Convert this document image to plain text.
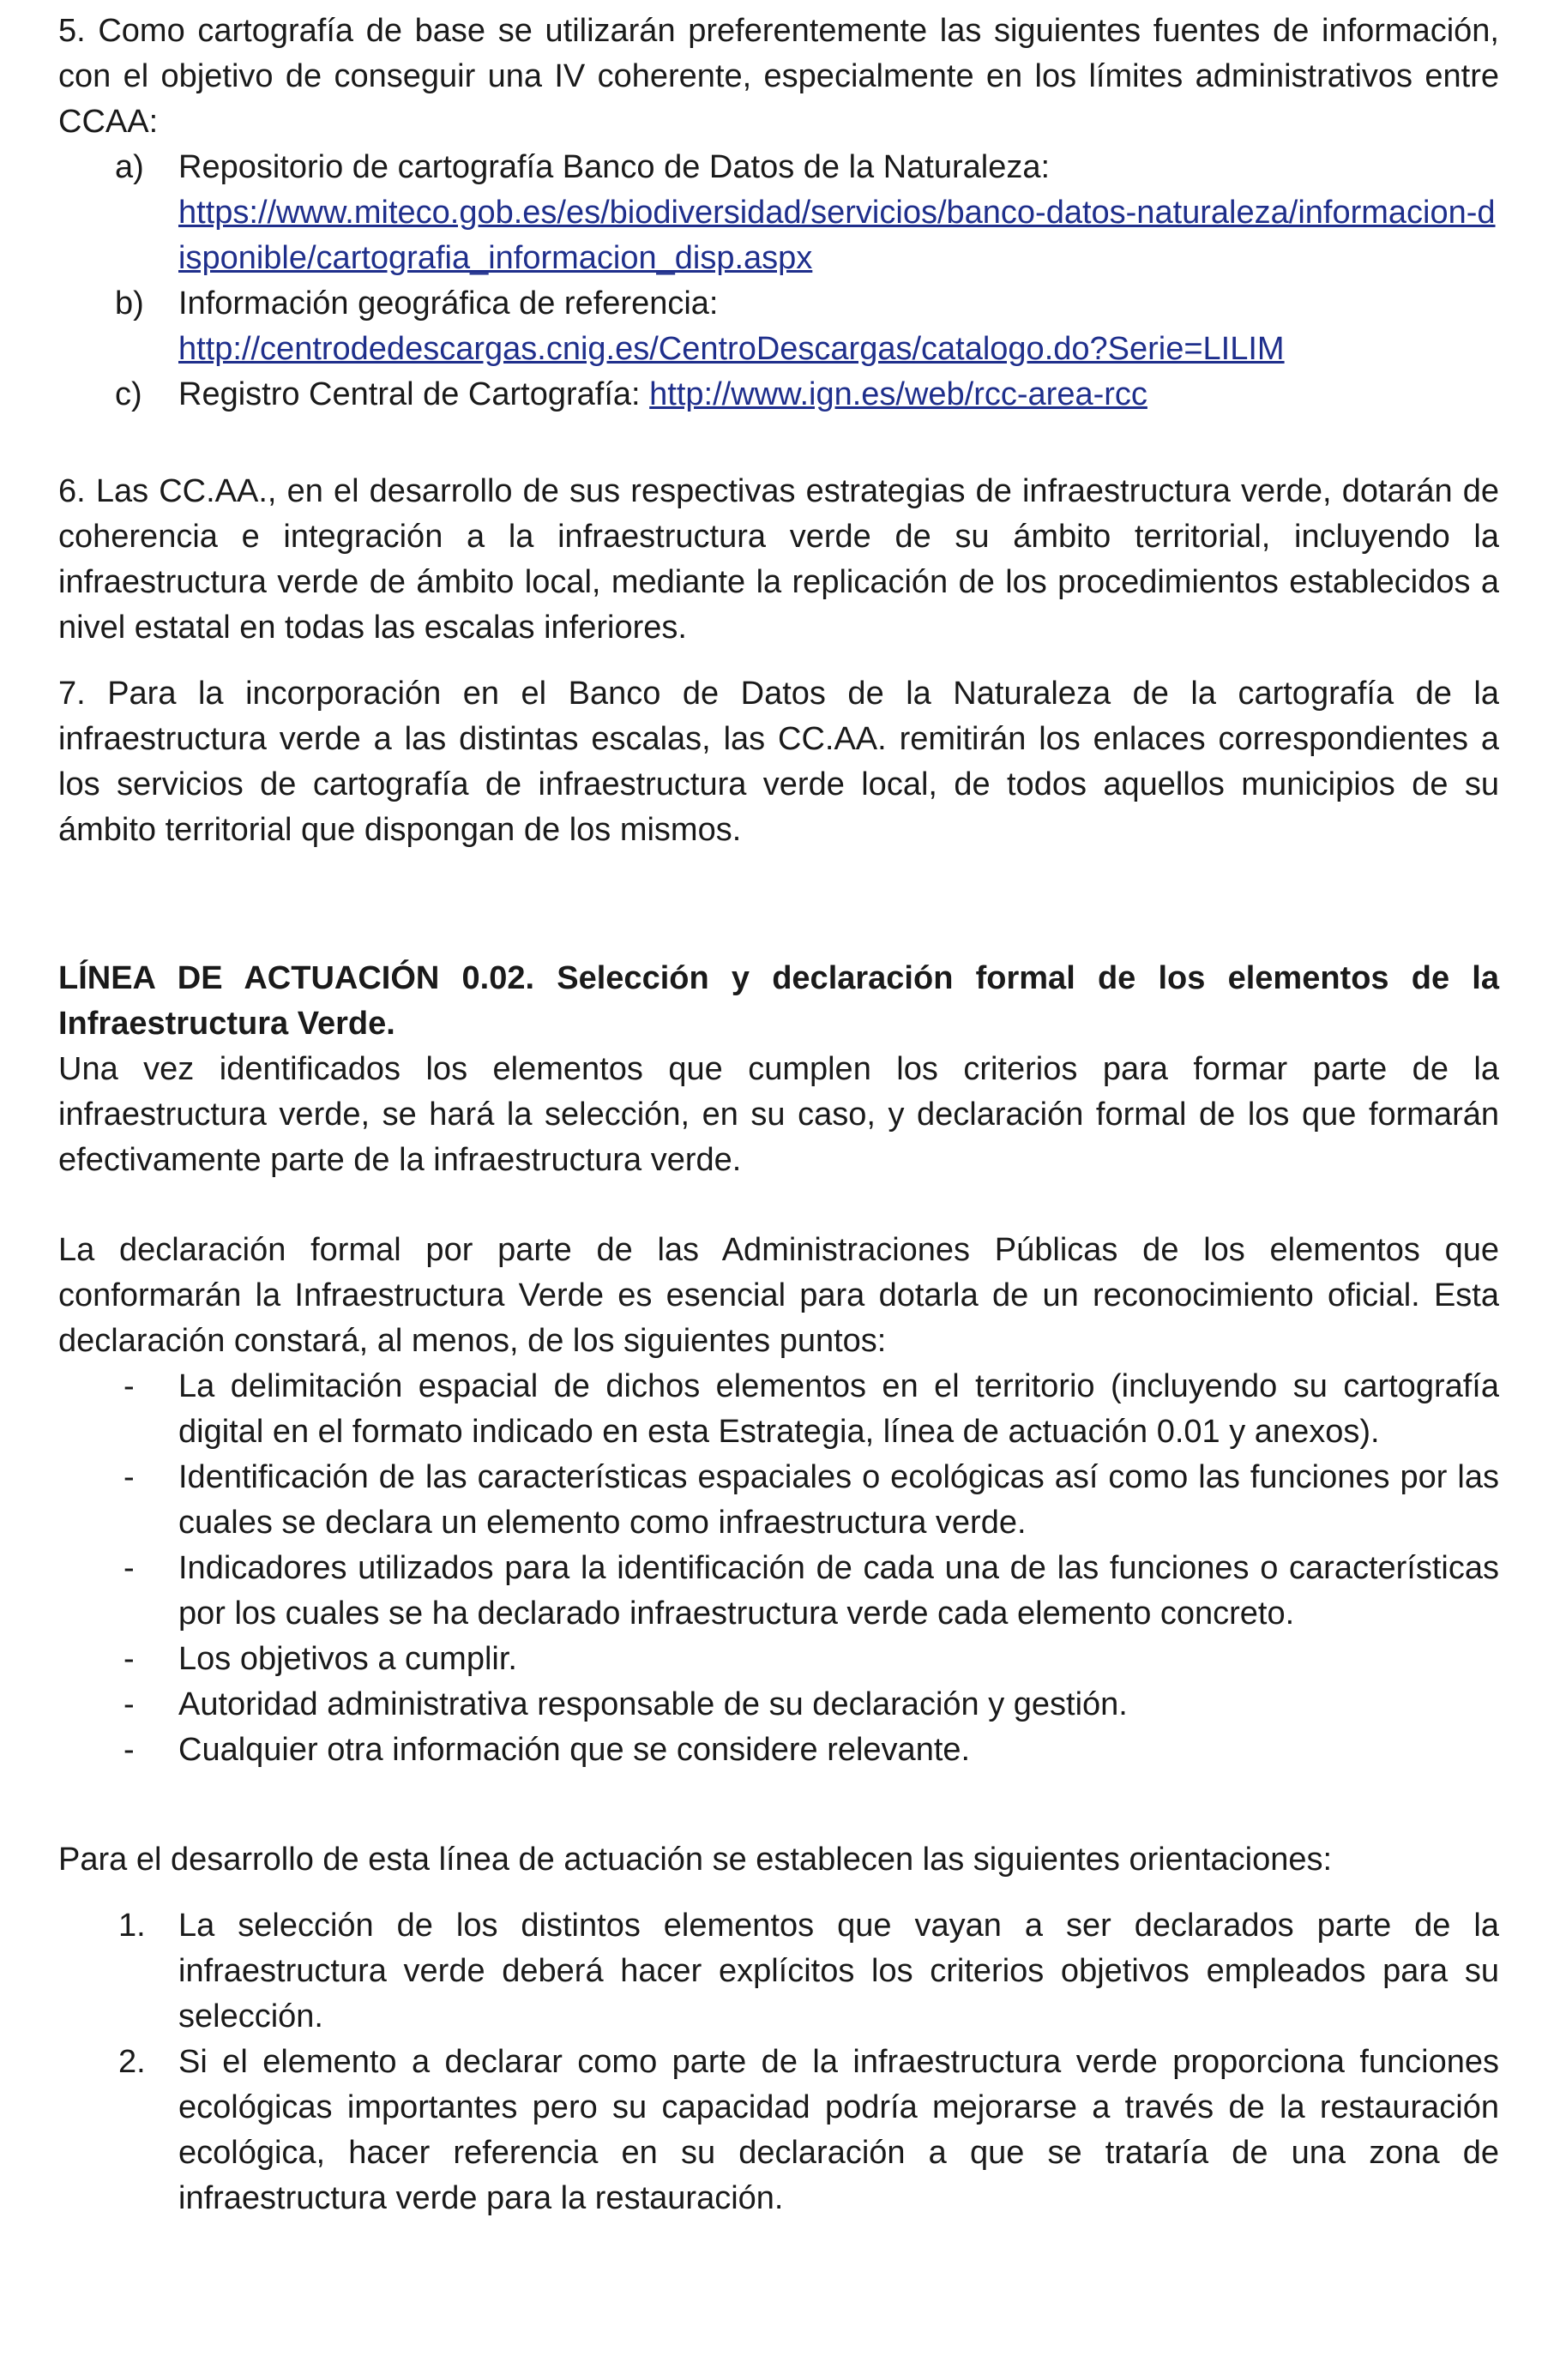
5. Como cartografía de base se utilizarán preferentemente las siguientes fuentes de información, con el objetivo de conseguir una IV coherente, especialmente en los límites administrativos entre CCAA:

a) Repositorio de cartografía Banco de Datos de la Naturaleza:
https://www.miteco.gob.es/es/biodiversidad/servicios/banco-datos-naturaleza/informacion-disponible/cartografia_informacion_disp.aspx
b) Información geográfica de referencia:
http://centrodedescargas.cnig.es/CentroDescargas/catalogo.do?Serie=LILIM
c) Registro Central de Cartografía: http://www.ign.es/web/rcc-area-rcc

6. Las CC.AA., en el desarrollo de sus respectivas estrategias de infraestructura verde, dotarán de coherencia e integración a la infraestructura verde de su ámbito territorial, incluyendo la infraestructura verde de ámbito local, mediante la replicación de los procedimientos establecidos a nivel estatal en todas las escalas inferiores.

7. Para la incorporación en el Banco de Datos de la Naturaleza de la cartografía de la infraestructura verde a las distintas escalas, las CC.AA. remitirán los enlaces correspondientes a los servicios de cartografía de infraestructura verde local, de todos aquellos municipios de su ámbito territorial que dispongan de los mismos.

LÍNEA DE ACTUACIÓN 0.02. Selección y declaración formal de los elementos de la Infraestructura Verde.

Una vez identificados los elementos que cumplen los criterios para formar parte de la infraestructura verde, se hará la selección, en su caso, y declaración formal de los que formarán efectivamente parte de la infraestructura verde.

La declaración formal por parte de las Administraciones Públicas de los elementos que conformarán la Infraestructura Verde es esencial para dotarla de un reconocimiento oficial. Esta declaración constará, al menos, de los siguientes puntos:

- La delimitación espacial de dichos elementos en el territorio (incluyendo su cartografía digital en el formato indicado en esta Estrategia, línea de actuación 0.01 y anexos).
- Identificación de las características espaciales o ecológicas así como las funciones por las cuales se declara un elemento como infraestructura verde.
- Indicadores utilizados para la identificación de cada una de las funciones o características por los cuales se ha declarado infraestructura verde cada elemento concreto.
- Los objetivos a cumplir.
- Autoridad administrativa responsable de su declaración y gestión.
- Cualquier otra información que se considere relevante.

Para el desarrollo de esta línea de actuación se establecen las siguientes orientaciones:

1. La selección de los distintos elementos que vayan a ser declarados parte de la infraestructura verde deberá hacer explícitos los criterios objetivos empleados para su selección.
2. Si el elemento a declarar como parte de la infraestructura verde proporciona funciones ecológicas importantes pero su capacidad podría mejorarse a través de la restauración ecológica, hacer referencia en su declaración a que se trataría de una zona de infraestructura verde para la restauración.
